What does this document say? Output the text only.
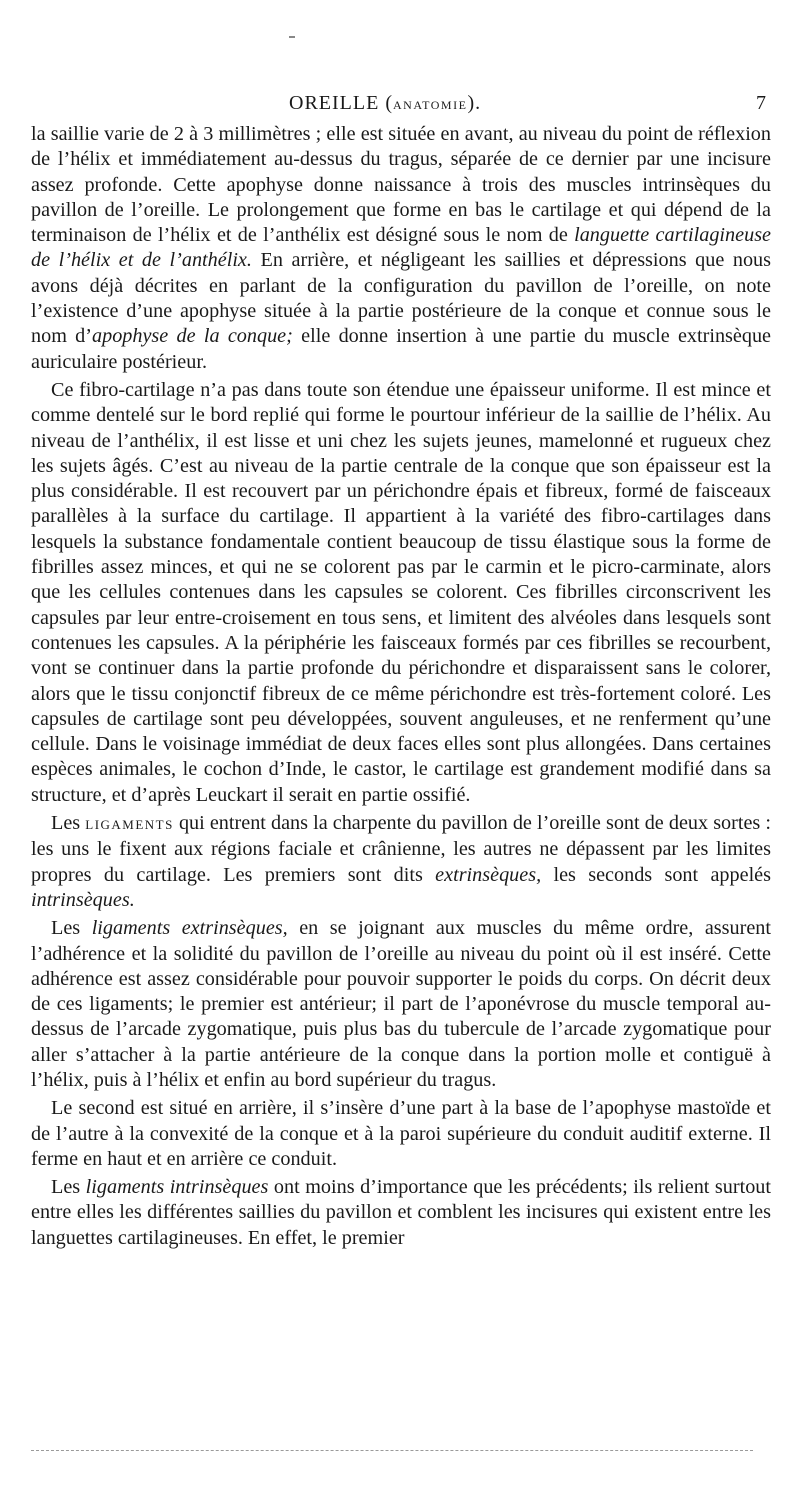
OREILLE (ANATOMIE).	7

la saillie varie de 2 à 3 millimètres ; elle est située en avant, au niveau du point de réflexion de l’hélix et immédiatement au-dessus du tragus, séparée de ce dernier par une incisure assez profonde. Cette apophyse donne naissance à trois des muscles intrinsèques du pavillon de l’oreille. Le prolongement que forme en bas le cartilage et qui dépend de la terminaison de l’hélix et de l’anthélix est désigné sous le nom de languette cartilagineuse de l’hélix et de l’anthélix. En arrière, et négligeant les saillies et dépressions que nous avons déjà décrites en parlant de la configuration du pavillon de l’oreille, on note l’existence d’une apophyse située à la partie postérieure de la conque et connue sous le nom d’apophyse de la conque; elle donne insertion à une partie du muscle extrinsèque auriculaire postérieur.

Ce fibro-cartilage n’a pas dans toute son étendue une épaisseur uniforme. Il est mince et comme dentelé sur le bord replié qui forme le pourtour inférieur de la saillie de l’hélix. Au niveau de l’anthélix, il est lisse et uni chez les sujets jeunes, mamelonné et rugueux chez les sujets âgés. C’est au niveau de la partie centrale de la conque que son épaisseur est la plus considérable. Il est recouvert par un périchondre épais et fibreux, formé de faisceaux parallèles à la surface du cartilage. Il appartient à la variété des fibro-cartilages dans lesquels la substance fondamentale contient beaucoup de tissu élastique sous la forme de fibrilles assez minces, et qui ne se colorent pas par le carmin et le picro-carminate, alors que les cellules contenues dans les capsules se colorent. Ces fibrilles circonscrivent les capsules par leur entre-croisement en tous sens, et limitent des alvéoles dans lesquels sont contenues les capsules. A la périphérie les faisceaux formés par ces fibrilles se recourbent, vont se continuer dans la partie profonde du périchondre et disparaissent sans le colorer, alors que le tissu conjonctif fibreux de ce même périchondre est très-fortement coloré. Les capsules de cartilage sont peu développées, souvent anguleuses, et ne renferment qu’une cellule. Dans le voisinage immédiat de deux faces elles sont plus allongées. Dans certaines espèces animales, le cochon d’Inde, le castor, le cartilage est grandement modifié dans sa structure, et d’après Leuckart il serait en partie ossifié.

Les LIGAMENTS qui entrent dans la charpente du pavillon de l’oreille sont de deux sortes : les uns le fixent aux régions faciale et crânienne, les autres ne dépassent par les limites propres du cartilage. Les premiers sont dits extrinsèques, les seconds sont appelés intrinsèques.

Les ligaments extrinsèques, en se joignant aux muscles du même ordre, assurent l’adhérence et la solidité du pavillon de l’oreille au niveau du point où il est inséré. Cette adhérence est assez considérable pour pouvoir supporter le poids du corps. On décrit deux de ces ligaments; le premier est antérieur; il part de l’aponévrose du muscle temporal au-dessus de l’arcade zygomatique, puis plus bas du tubercule de l’arcade zygomatique pour aller s’attacher à la partie antérieure de la conque dans la portion molle et contiguë à l’hélix, puis à l’hélix et enfin au bord supérieur du tragus.

Le second est situé en arrière, il s’insère d’une part à la base de l’apophyse mastoïde et de l’autre à la convexité de la conque et à la paroi supérieure du conduit auditif externe. Il ferme en haut et en arrière ce conduit.

Les ligaments intrinsèques ont moins d’importance que les précédents; ils relient surtout entre elles les différentes saillies du pavillon et comblent les incisures qui existent entre les languettes cartilagineuses. En effet, le premier
